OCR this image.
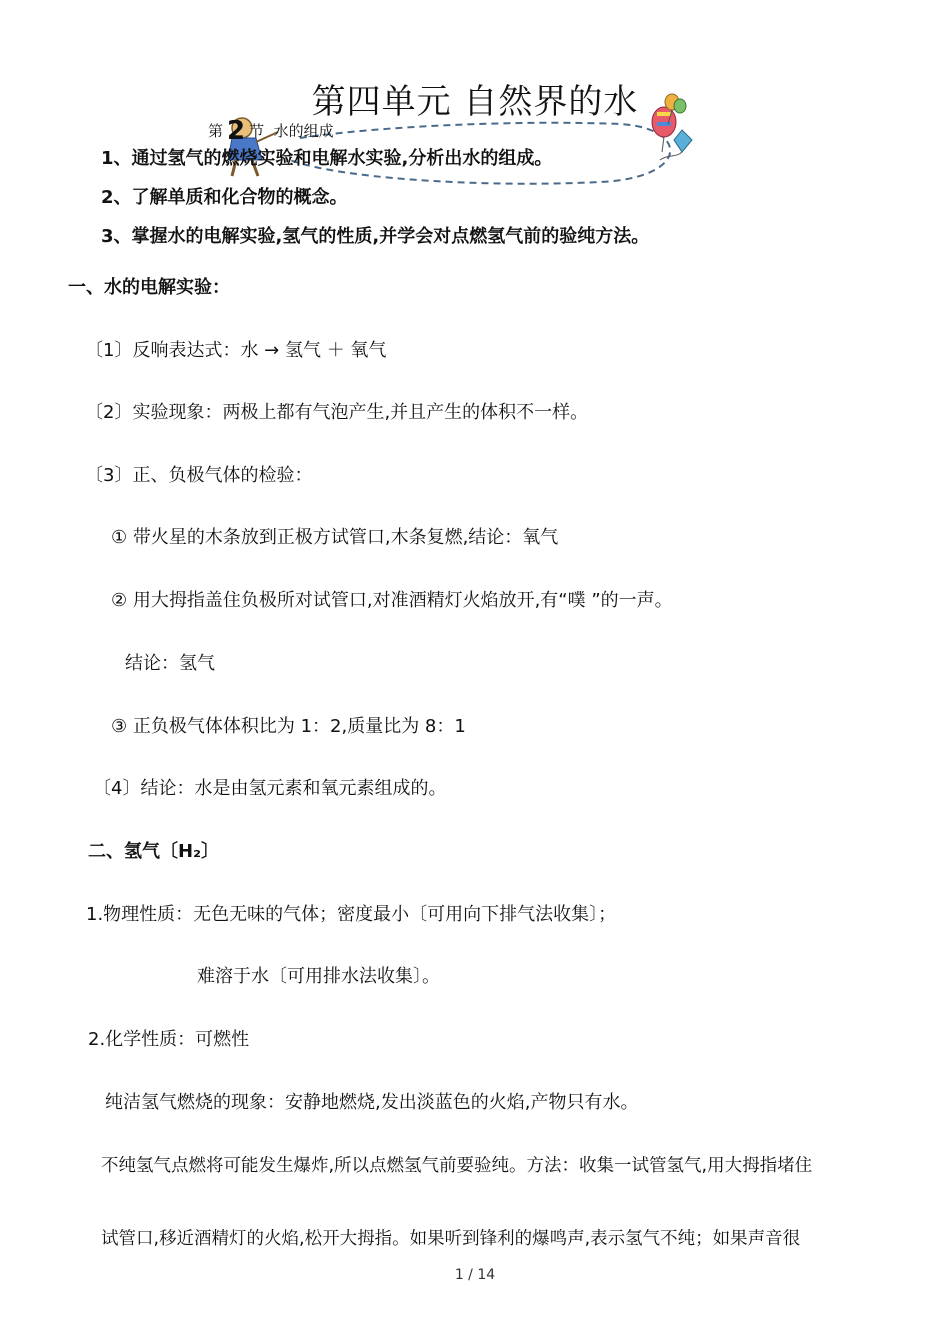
第四单元 自然界的水
第 2 节 水的组成
1、通过氢气的燃烧实验和电解水实验,分析出水的组成。
2、了解单质和化合物的概念。
3、掌握水的电解实验,氢气的性质,并学会对点燃氢气前的验纯方法。
一、水的电解实验：
〔1〕反响表达式：水 → 氢气 ＋ 氧气
〔2〕实验现象：两极上都有气泡产生,并且产生的体积不一样。
〔3〕正、负极气体的检验：
① 带火星的木条放到正极方试管口,木条复燃,结论：氧气
② 用大拇指盖住负极所对试管口,对准酒精灯火焰放开,有“噗 ”的一声。
结论：氢气
③ 正负极气体体积比为 1：2,质量比为 8：1
〔4〕结论：水是由氢元素和氧元素组成的。
二、氢气〔H₂〕
1.物理性质：无色无味的气体；密度最小〔可用向下排气法收集〕；
难溶于水〔可用排水法收集〕。
2.化学性质：可燃性
纯洁氢气燃烧的现象：安静地燃烧,发出淡蓝色的火焰,产物只有水。
不纯氢气点燃将可能发生爆炸,所以点燃氢气前要验纯。方法：收集一试管氢气,用大拇指堵住
试管口,移近酒精灯的火焰,松开大拇指。如果听到锋利的爆鸣声,表示氢气不纯；如果声音很
1 / 14
